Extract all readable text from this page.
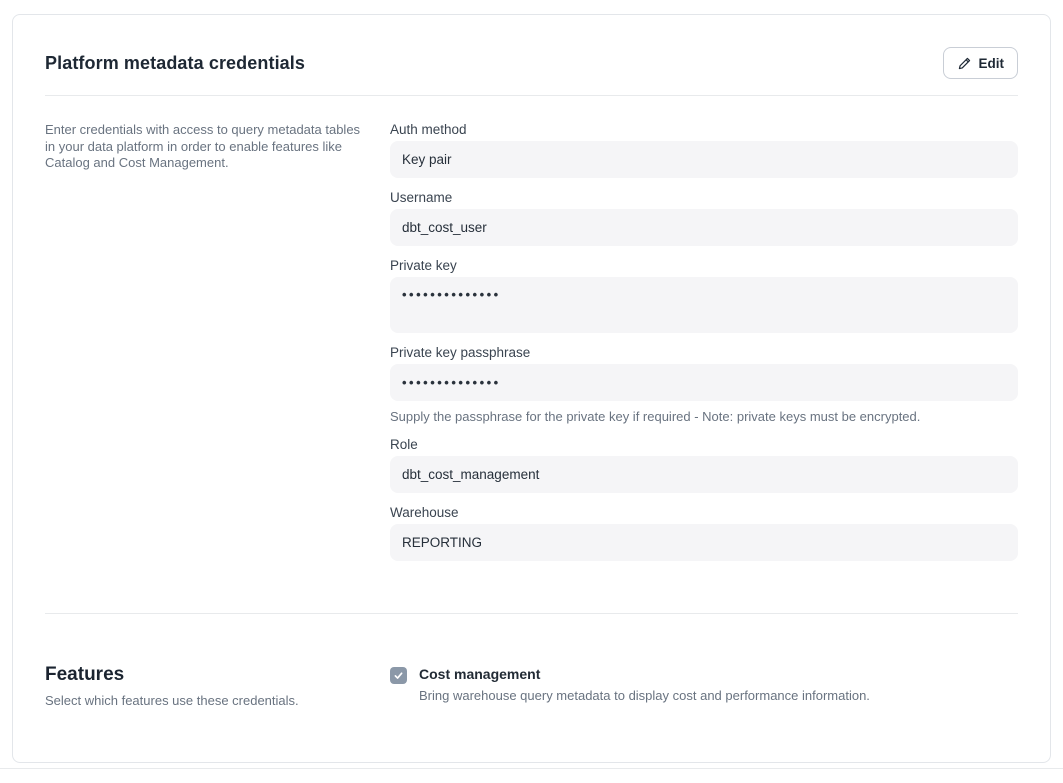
Platform metadata credentials	Edit

Enter credentials with access to query metadata tables in your data platform in order to enable features like Catalog and Cost Management.

Auth method
Key pair
Username
dbt_cost_user
Private key
••••••••••••••
Private key passphrase
••••••••••••••

Supply the passphrase for the private key if required - Note: private keys must be encrypted.

Role
dbt_cost_management
Warehouse
REPORTING
Features

Select which features use these credentials.

Cost management
Bring warehouse query metadata to display cost and performance information.
